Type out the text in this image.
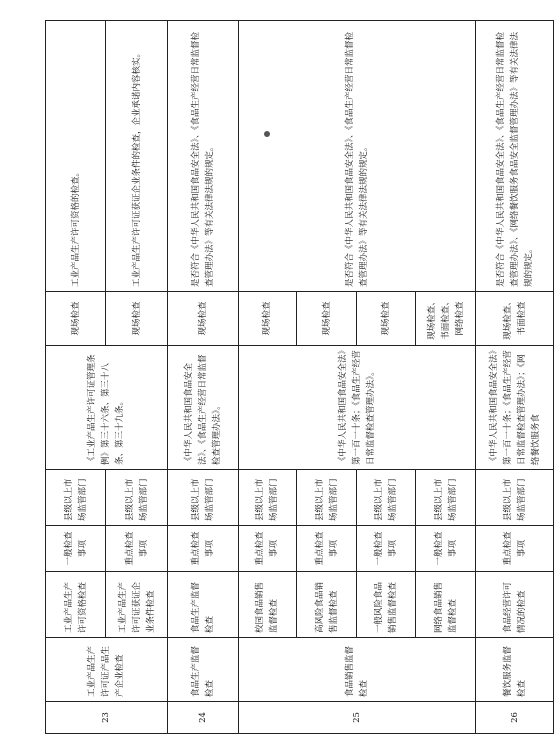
23	工业产品生产许可证产品生产企业检查	工业产品生产许可资格检查	一般检查事项	县级以上市场监管部门	《工业产品生产许可证管理条例》第三十六条、第三十八条、第三十九条。	现场检查	工业产品生产许可资格的检查。
		工业产品生产许可证获证企业条件检查	重点检查事项	县级以上市场监管部门		现场检查	工业产品生产许可证获证企业条件的检查，企业承诺内容核实。
24	食品生产监督检查	食品生产监督检查	重点检查事项	县级以上市场监管部门	《中华人民共和国食品安全法》、《食品生产经营日常监督检查管理办法》。	现场检查	是否符合《中华人民共和国食品安全法》、《食品生产经营日常监督检查管理办法》等有关法律法规的规定。
25	食品销售监督检查	校园食品销售监督检查	重点检查事项	县级以上市场监管部门	《中华人民共和国食品安全法》第一百一十条；《食品生产经营日常监督检查管理办法》。	现场检查	是否符合《中华人民共和国食品安全法》、《食品生产经营日常监督检查管理办法》等有关法律法规的规定。
		高风险食品销售监督检查	重点检查事项	县级以上市场监管部门		现场检查	
		一般风险食品销售监督检查	一般检查事项	县级以上市场监管部门		现场检查	
		网络食品销售监督检查	一般检查事项	县级以上市场监管部门		现场检查、书面检查、网络检查	
26	餐饮服务监督检查	食品经营许可情况的检查	重点检查事项	县级以上市场监管部门	《中华人民共和国食品安全法》第一百一十条；《食品生产经营日常监督检查管理办法》；《网络餐饮服务食	现场检查、书面检查	是否符合《中华人民共和国食品安全法》、《食品生产经营日常监督检查管理办法》、《网络餐饮服务食品安全监督管理办法》等有关法律法规的规定。
